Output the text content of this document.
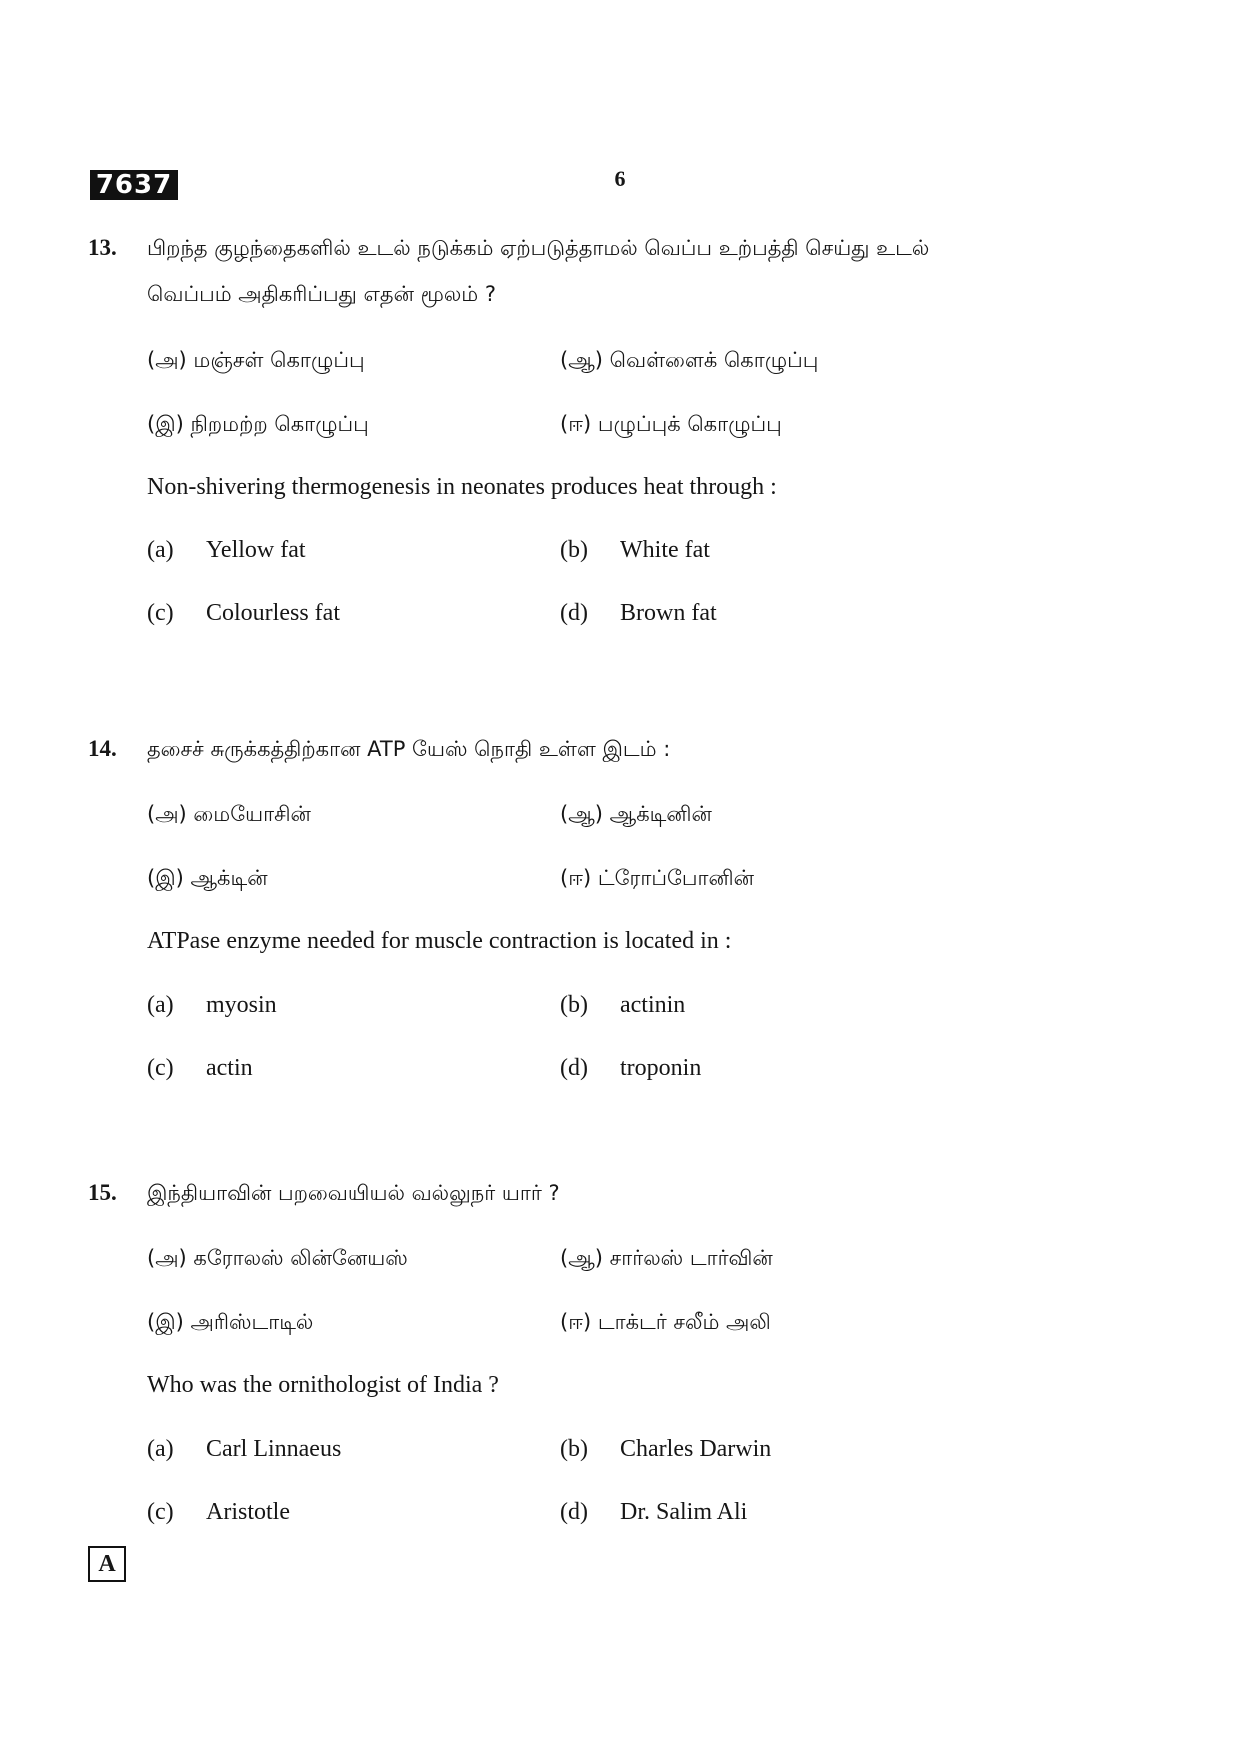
7637	6
13. பிறந்த குழந்தைகளில் உடல் நடுக்கம் ஏற்படுத்தாமல் வெப்ப உற்பத்தி செய்து உடல்
வெப்பம் அதிகரிப்பது எதன் மூலம் ?
(அ) மஞ்சள் கொழுப்பு	(ஆ) வெள்ளைக் கொழுப்பு
(இ) நிறமற்ற கொழுப்பு	(ஈ) பழுப்புக் கொழுப்பு
Non-shivering thermogenesis in neonates produces heat through :
(a) Yellow fat	(b) White fat
(c) Colourless fat	(d) Brown fat
14. தசைச் சுருக்கத்திற்கான ATP யேஸ் நொதி உள்ள இடம் :
(அ) மையோசின்	(ஆ) ஆக்டினின்
(இ) ஆக்டின்	(ஈ) ட்ரோப்போனின்
ATPase enzyme needed for muscle contraction is located in :
(a) myosin	(b) actinin
(c) actin	(d) troponin
15. இந்தியாவின் பறவையியல் வல்லுநர் யார் ?
(அ) கரோலஸ் லின்னேயஸ்	(ஆ) சார்லஸ் டார்வின்
(இ) அரிஸ்டாடில்	(ஈ) டாக்டர் சலீம் அலி
Who was the ornithologist of India ?
(a) Carl Linnaeus	(b) Charles Darwin
(c) Aristotle	(d) Dr. Salim Ali
A
